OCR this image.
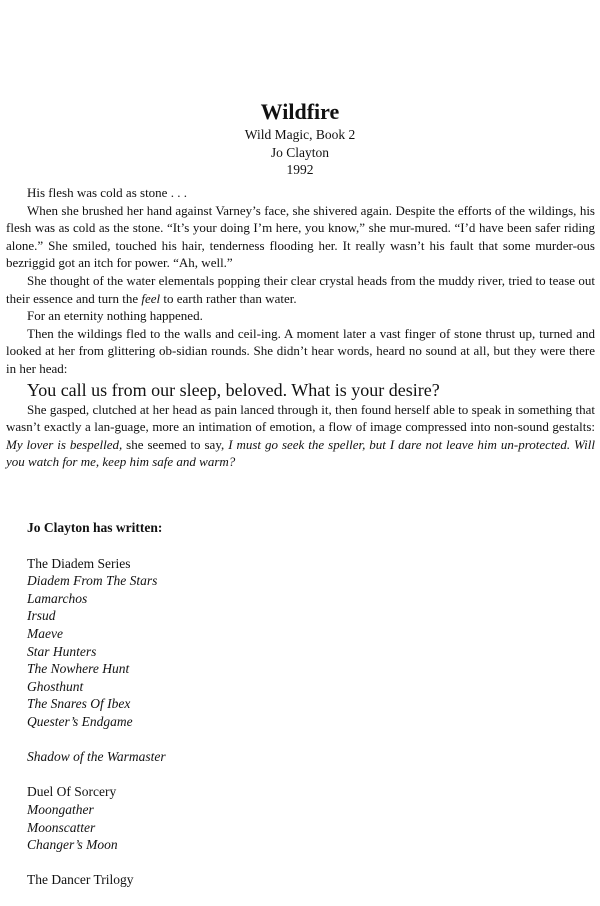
Wildfire

Wild Magic, Book 2

Jo Clayton

1992

His flesh was cold as stone . . .

When she brushed her hand against Varney’s face, she shivered again. Despite the efforts of the wildings, his flesh was as cold as the stone. “It’s your doing I’m here, you know,” she mur-mured. “I’d have been safer riding alone.” She smiled, touched his hair, tenderness flooding her. It really wasn’t his fault that some murder-ous bezriggid got an itch for power. “Ah, well.”

She thought of the water elementals popping their clear crystal heads from the muddy river, tried to tease out their essence and turn the feel to earth rather than water.

For an eternity nothing happened.

Then the wildings fled to the walls and ceil-ing. A moment later a vast finger of stone thrust up, turned and looked at her from glittering ob-sidian rounds. She didn’t hear words, heard no sound at all, but they were there in her head:

You call us from our sleep, beloved. What is your desire?

She gasped, clutched at her head as pain lanced through it, then found herself able to speak in something that wasn’t exactly a lan-guage, more an intimation of emotion, a flow of image compressed into non-sound gestalts: My lover is bespelled, she seemed to say, I must go seek the speller, but I dare not leave him un-protected. Will you watch for me, keep him safe and warm?

Jo Clayton has written:

The Diadem Series

Diadem From The Stars

Lamarchos

Irsud

Maeve

Star Hunters

The Nowhere Hunt

Ghosthunt

The Snares Of Ibex

Quester’s Endgame

Shadow of the Warmaster

Duel Of Sorcery

Moongather

Moonscatter

Changer’s Moon

The Dancer Trilogy
